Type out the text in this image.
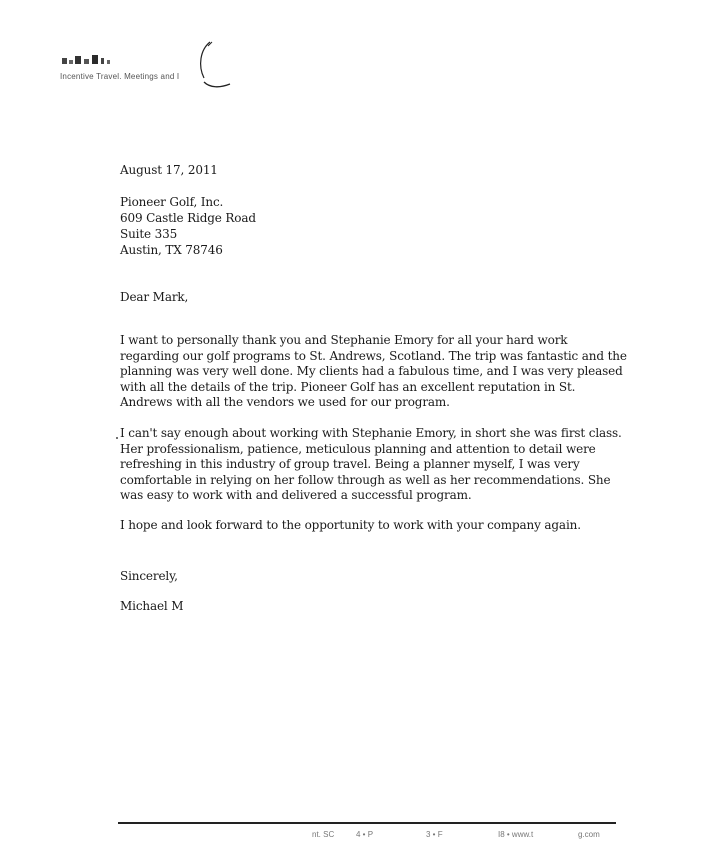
Incentive Travel. Meetings and I
August 17, 2011
Pioneer Golf, Inc.
609 Castle Ridge Road
Suite 335
Austin, TX 78746
Dear Mark,
I want to personally thank you and Stephanie Emory for all your hard work
regarding our golf programs to St. Andrews, Scotland. The trip was fantastic and the
planning was very well done. My clients had a fabulous time, and I was very pleased
with all the details of the trip. Pioneer Golf has an excellent reputation in St.
Andrews with all the vendors we used for our program.
I can't say enough about working with Stephanie Emory, in short she was first class.
Her professionalism, patience, meticulous planning and attention to detail were
refreshing in this industry of group travel. Being a planner myself, I was very
comfortable in relying on her follow through as well as her recommendations. She
was easy to work with and delivered a successful program.
I hope and look forward to the opportunity to work with your company again.
Sincerely,
Michael M
nt. SC	4 • P	3 • F	I8 • www.t	g.com
